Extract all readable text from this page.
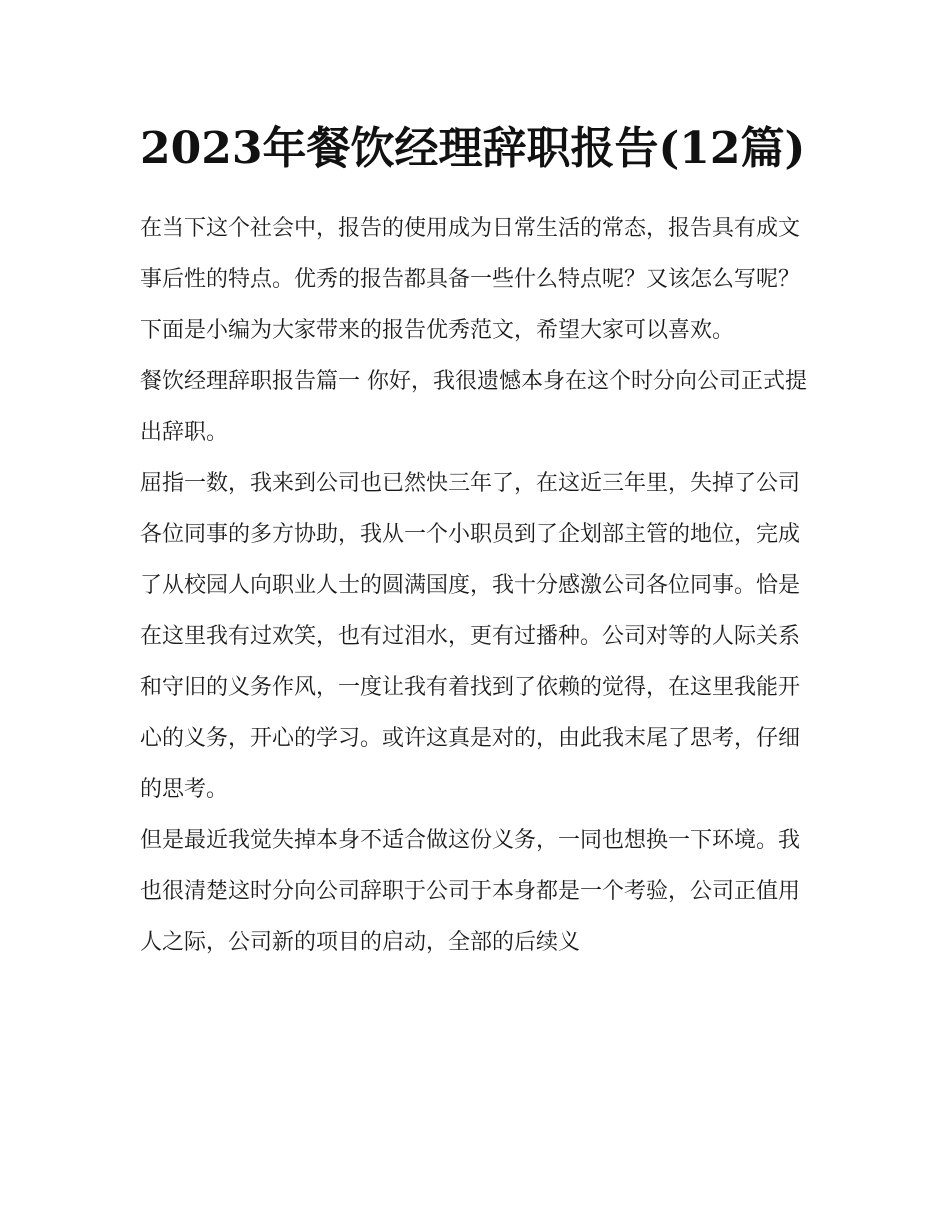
2023年餐饮经理辞职报告(12篇)

在当下这个社会中，报告的使用成为日常生活的常态，报告具有成文事后性的特点。优秀的报告都具备一些什么特点呢？又该怎么写呢？下面是小编为大家带来的报告优秀范文，希望大家可以喜欢。

餐饮经理辞职报告篇一 你好，我很遗憾本身在这个时分向公司正式提出辞职。

屈指一数，我来到公司也已然快三年了，在这近三年里，失掉了公司各位同事的多方协助，我从一个小职员到了企划部主管的地位，完成了从校园人向职业人士的圆满国度，我十分感激公司各位同事。恰是在这里我有过欢笑，也有过泪水，更有过播种。公司对等的人际关系和守旧的义务作风，一度让我有着找到了依赖的觉得，在这里我能开心的义务，开心的学习。或许这真是对的，由此我末尾了思考，仔细的思考。

但是最近我觉失掉本身不适合做这份义务，一同也想换一下环境。我也很清楚这时分向公司辞职于公司于本身都是一个考验，公司正值用人之际，公司新的项目的启动，全部的后续义
